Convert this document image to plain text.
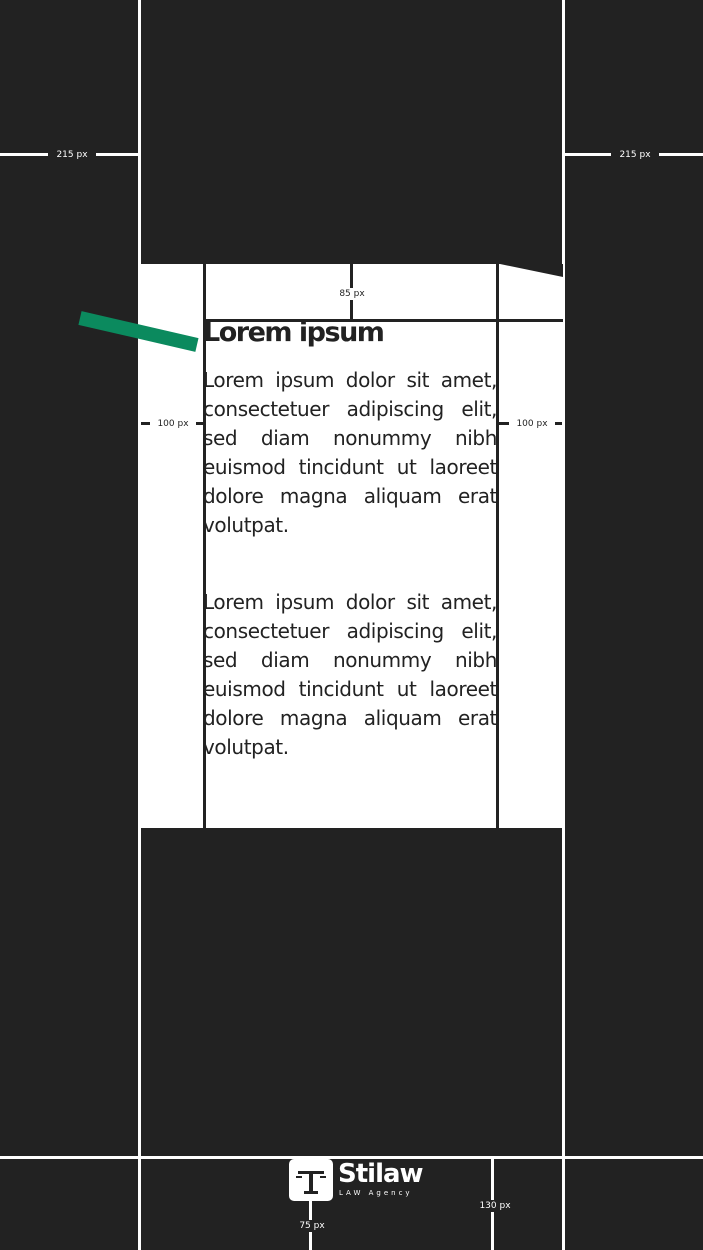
215 px	215 px
85 px
100 px	100 px
Lorem ipsum

Lorem ipsum dolor sit amet, consectetuer adipiscing elit, sed diam nonummy nibh euismod tincidunt ut laoreet dolore magna aliquam erat volutpat.

Lorem ipsum dolor sit amet, consectetuer adipiscing elit, sed diam nonummy nibh euismod tincidunt ut laoreet dolore magna aliquam erat volutpat.

75 px
130 px
Stilaw
LAW Agency
